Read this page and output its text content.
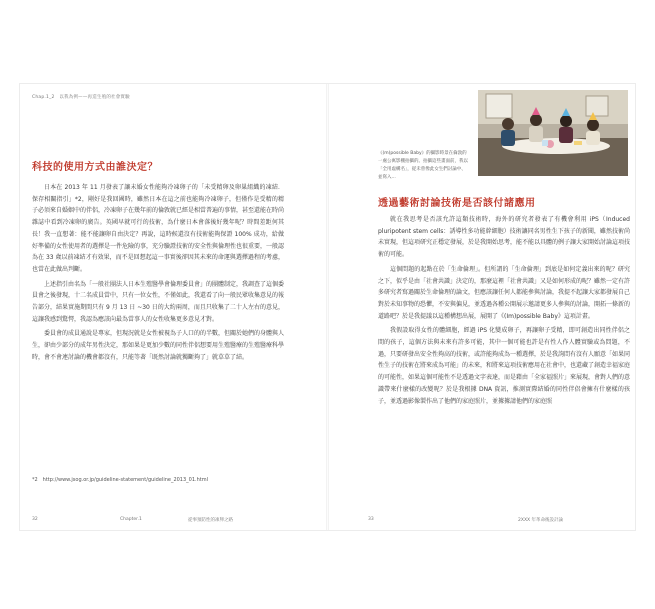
Chap.1_2　以我為例——再造生殖的社會實驗
科技的使用方式由誰決定？

日本在 2013 年 11 月發表了讓未婚女性能夠冷凍卵子的「未受精卵及卵巢組織的凍結．保存相關指引」*2，剛好是我回國時，雖然日本在這之前也能夠冷凍卵子，但僅作是受精的精子必須來自婚姻中的伴侶，冷凍卵子在幾年前的倫敦就已經是相當普遍的事情，甚至還能在時尚雜誌中看到冷凍卵的廣告。英國早就可行的技術，為什麼日本會落後好幾年呢？時間差距何其長！我一直想著：能不能讓卵自由決定？再說，這時候還沒有技術能夠保證 100% 成功，給做好準備的女性使用者的選擇是一件危險的事，充分驗證技術的安全性與倫理性也很重要，一般認為在 33 歲以前凍結才有效果，而不是回想起這一事實後卻因其未來的命運與選擇過程的考慮，也當在此做出判斷。

上述指引由名為「一般社團法人日本生殖醫學會倫理委員會」的團體制定，我調查了這個委員會之後發現，十二名成員當中，只有一位女性，不僅如此，我還看了向一般民眾收集意見的報告部分，結果實施期間只有 9 月 13 日 ~30 日的大約兩周，而且只收集了二十人左右的意見，這讓我感到驚愕，我認為應該向最為當事人的女性收集更多意見才對。

委員會的成員通說是專家，但現況就是女性被視為子人口的的半數，但關於她們的身體與人生，卻由少部分的成年男性決定，那如果是更加少數的同性伴侶想要用生殖醫療的生殖醫療科學時，會不會連討論的機會都沒有，只能等著「既然討論就獨斷夠了」就草草了結。

*2　http://www.jsog.or.jp/guideline-statement/guideline_2013_01.html
32	Chapter.1	從事預防性的凍卵之路
《(m)possible Baby》的攝影時景在倫敦的一處公寓影棚拍攝的。拍攝這些畫面前，我以「全用虛構名」，從未曾像此女生們討論中、並寫入...
透過藝術討論技術是否該付諸應用

就在我思考是否該允許這類技術時，海外的研究者發表了有機會利用 iPS（Induced pluripotent stem cells：誘導性多功能幹細胞）技術讓同名男性生下孩子的新聞，雖然技術尚未實現，但這項研究正穩定發展，於是我開始思考，能不能以具體的例子讓大家開始討論這項技術的可能。

這個問題的起點在於「生命倫理」。但所謂的「生命倫理」到底是如何定義出來的呢？研究之下，似乎是由「社會共識」決定的，那麼這裡「社會共識」又是如何形成的呢？雖然一定有許多研究者寫過關於生命倫理的論文，但應該讓任何人都能參與討論，我提不起讓大家都發展自己對於未知事物的恐懼，不安與偏見，並透過各種公開展示邀請更多人參與的討論，開拓一條新的道路吧？於是我提議以這種構想出展，展開了《(Im)possible Baby》這項計畫。

我假設取得女性的體細胞，經過 iPS 化變成卵子，再讓卵子受精，即可創造出同性伴侶之間的孩子，這個方法與未來有許多可能，其中一個可能也許是有性人作人體實驗或為問題，不過，只要研發出安全性夠高的技術，或許能夠成為一種選擇，於是我詢問有沒有人願意「如果同性生子的技術在將來成為可能」的未來，和將來這項技術應用在社會中，也還藏了創造幸福家庭的可能性，如果這個可能性不是透過文字表達，而是藉由「全家福照片」來展現，會對人們的意識帶來什麼樣的改變呢？於是我根據 DNA 資訊，推測實際結婚的同性伴侶會擁有什麼樣的孩子，並透過影像製作出了他們的家庭照片，並據據請他們的家庭照

33	2XXX 年革命後設計論
